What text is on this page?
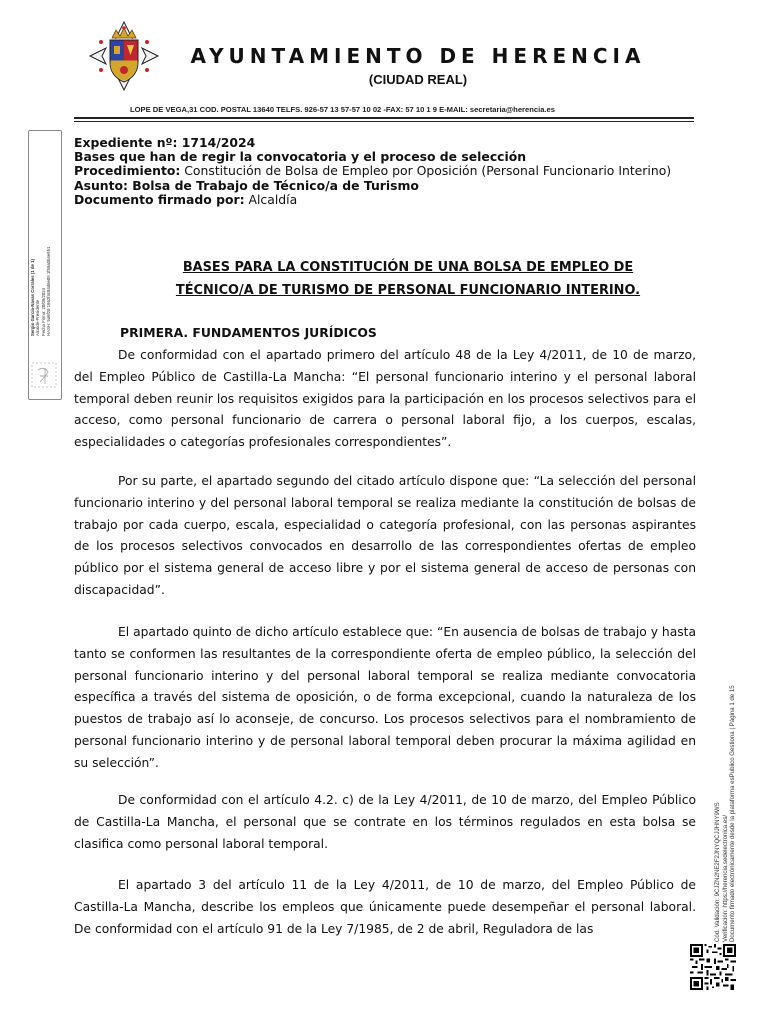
AYUNTAMIENTO DE HERENCIA
(CIUDAD REAL)
LOPE DE VEGA,31 COD. POSTAL 13640 TELFS. 926-57 13 57-57 10 02 -FAX: 57 10 1 9 E-MAIL: secretaria@herencia.es
Sergio García-Navas Corrales (1 de 1) Alcalde-Presidente Fecha Firma: 20/09/2024 HASH: 5a6f28 1662f4c84d6e09 1f55a0b4e951
Expediente nº: 1714/2024
Bases que han de regir la convocatoria y el proceso de selección
Procedimiento: Constitución de Bolsa de Empleo por Oposición (Personal Funcionario Interino)
Asunto: Bolsa de Trabajo de Técnico/a de Turismo
Documento firmado por: Alcaldía
BASES PARA LA CONSTITUCIÓN DE UNA BOLSA DE EMPLEO DE
TÉCNICO/A DE TURISMO DE PERSONAL FUNCIONARIO INTERINO.
PRIMERA. FUNDAMENTOS JURÍDICOS
De conformidad con el apartado primero del artículo 48 de la Ley 4/2011, de 10 de marzo, del Empleo Público de Castilla-La Mancha: “El personal funcionario interino y el personal laboral temporal deben reunir los requisitos exigidos para la participación en los procesos selectivos para el acceso, como personal funcionario de carrera o personal laboral fijo, a los cuerpos, escalas, especialidades o categorías profesionales correspondientes”.
Por su parte, el apartado segundo del citado artículo dispone que: “La selección del personal funcionario interino y del personal laboral temporal se realiza mediante la constitución de bolsas de trabajo por cada cuerpo, escala, especialidad o categoría profesional, con las personas aspirantes de los procesos selectivos convocados en desarrollo de las correspondientes ofertas de empleo público por el sistema general de acceso libre y por el sistema general de acceso de personas con discapacidad”.
El apartado quinto de dicho artículo establece que: “En ausencia de bolsas de trabajo y hasta tanto se conformen las resultantes de la correspondiente oferta de empleo público, la selección del personal funcionario interino y del personal laboral temporal se realiza mediante convocatoria específica a través del sistema de oposición, o de forma excepcional, cuando la naturaleza de los puestos de trabajo así lo aconseje, de concurso. Los procesos selectivos para el nombramiento de personal funcionario interino y de personal laboral temporal deben procurar la máxima agilidad en su selección”.
De conformidad con el artículo 4.2. c) de la Ley 4/2011, de 10 de marzo, del Empleo Público de Castilla-La Mancha, el personal que se contrate en los términos regulados en esta bolsa se clasifica como personal laboral temporal.
El apartado 3 del artículo 11 de la Ley 4/2011, de 10 de marzo, del Empleo Público de Castilla-La Mancha, describe los empleos que únicamente puede desempeñar el personal laboral. De conformidad con el artículo 91 de la Ley 7/1985, de 2 de abril, Reguladora de las	Cód. Validación: 9CJZN2NE2F2JNYQCJJHNY9WS Verificación: https://herencia.sedelectronica.es/ Documento firmado electrónicamente desde la plataforma esPublico Gestiona | Página 1 de 15
